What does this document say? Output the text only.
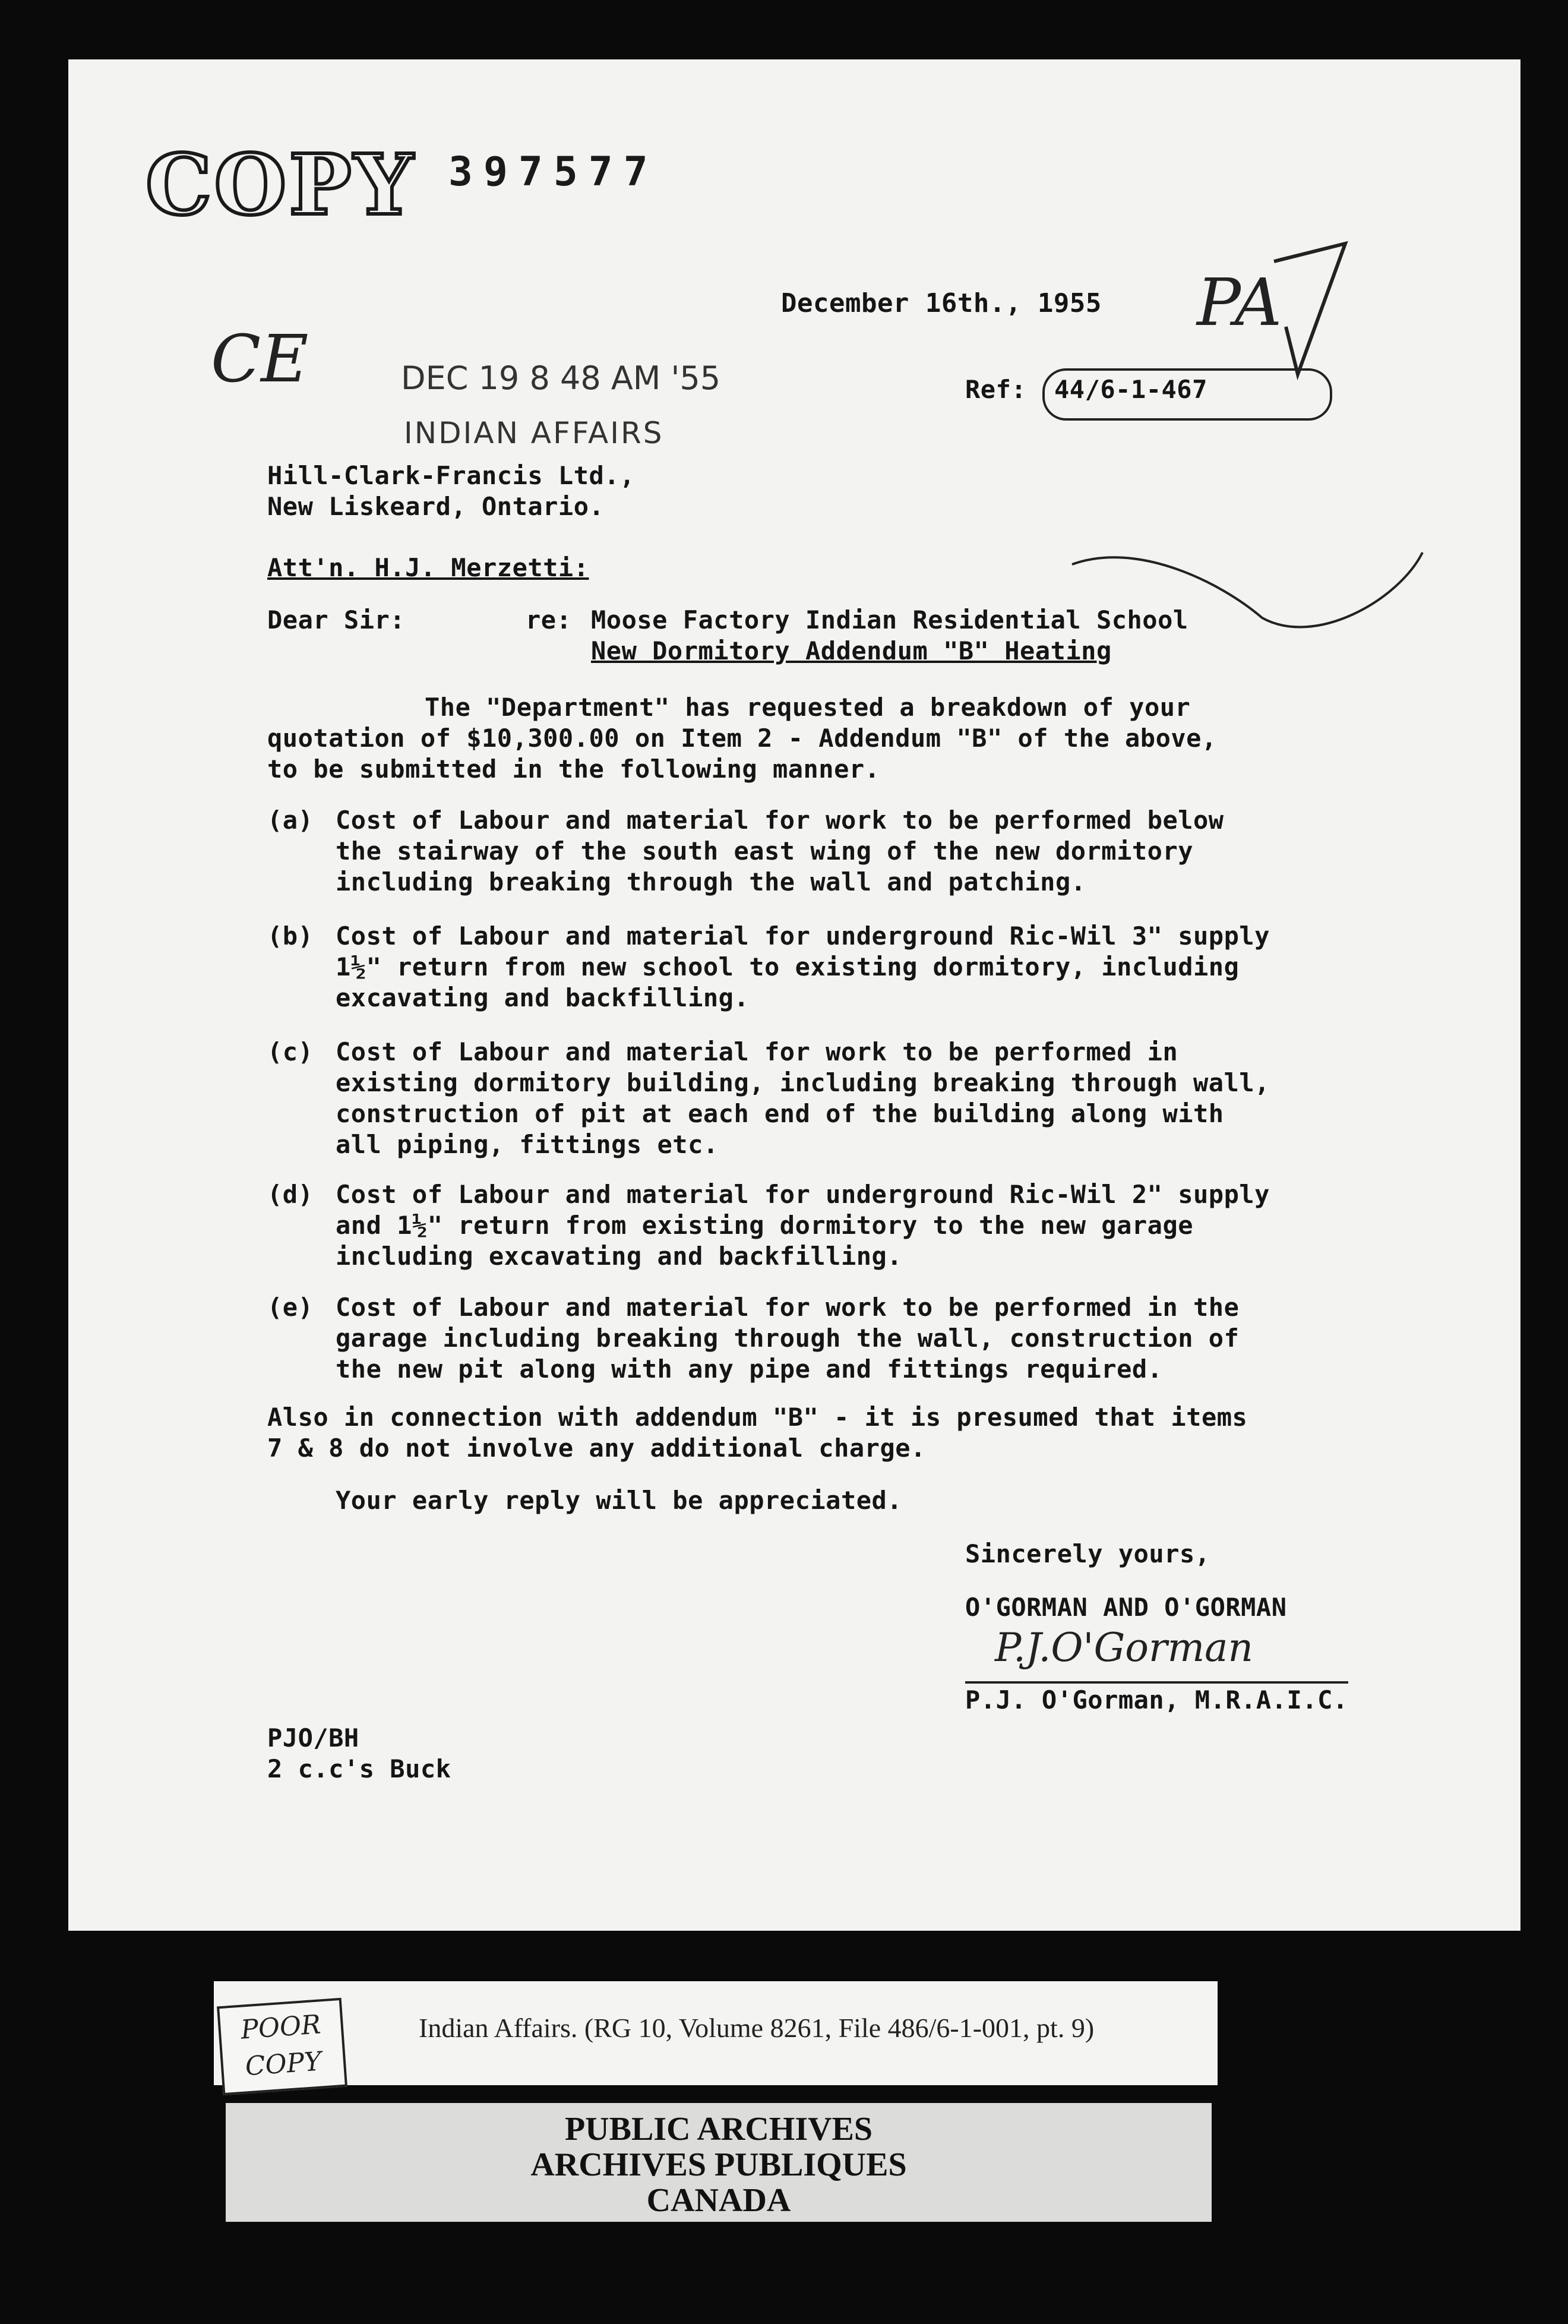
COPY 397577
December 16th., 1955 PA
CE	DEC 19 8 48 AM '55
INDIAN AFFAIRS
Ref: 44/6-1-467
Hill-Clark-Francis Ltd.,
New Liskeard, Ontario.
Att'n. H.J. Merzetti:
Dear Sir:	re: Moose Factory Indian Residential School
New Dormitory Addendum "B" Heating
The "Department" has requested a breakdown of your
quotation of $10,300.00 on Item 2 - Addendum "B" of the above,
to be submitted in the following manner.
(a) Cost of Labour and material for work to be performed below
the stairway of the south east wing of the new dormitory
including breaking through the wall and patching.
(b) Cost of Labour and material for underground Ric-Wil 3" supply
1½" return from new school to existing dormitory, including
excavating and backfilling.
(c) Cost of Labour and material for work to be performed in
existing dormitory building, including breaking through wall,
construction of pit at each end of the building along with
all piping, fittings etc.
(d) Cost of Labour and material for underground Ric-Wil 2" supply
and 1½" return from existing dormitory to the new garage
including excavating and backfilling.
(e) Cost of Labour and material for work to be performed in the
garage including breaking through the wall, construction of
the new pit along with any pipe and fittings required.
Also in connection with addendum "B" - it is presumed that items
7 & 8 do not involve any additional charge.
Your early reply will be appreciated.
Sincerely yours,
O'GORMAN AND O'GORMAN
P.J.O'Gorman
P.J. O'Gorman, M.R.A.I.C.
PJO/BH
2 c.c's Buck
Indian Affairs. (RG 10, Volume 8261, File 486/6-1-001, pt. 9)
POOR
COPY
PUBLIC ARCHIVES
ARCHIVES PUBLIQUES
CANADA
